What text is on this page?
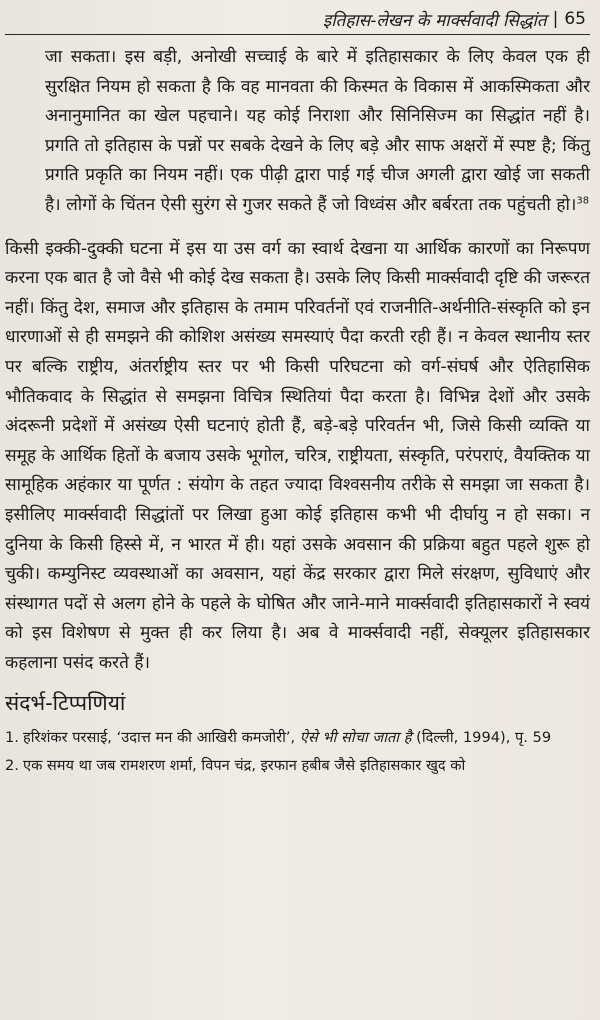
इतिहास-लेखन के मार्क्सवादी सिद्धांत | 65
जा सकता। इस बड़ी, अनोखी सच्चाई के बारे में इतिहासकार के लिए केवल एक ही सुरक्षित नियम हो सकता है कि वह मानवता की किस्मत के विकास में आकस्मिकता और अनानुमानित का खेल पहचाने। यह कोई निराशा और सिनिसिज्म का सिद्धांत नहीं है। प्रगति तो इतिहास के पन्नों पर सबके देखने के लिए बड़े और साफ अक्षरों में स्पष्ट है; किंतु प्रगति प्रकृति का नियम नहीं। एक पीढ़ी द्वारा पाई गई चीज अगली द्वारा खोई जा सकती है। लोगों के चिंतन ऐसी सुरंग से गुजर सकते हैं जो विध्वंस और बर्बरता तक पहुंचती हो।$^{38}$
किसी इक्की-दुक्की घटना में इस या उस वर्ग का स्वार्थ देखना या आर्थिक कारणों का निरूपण करना एक बात है जो वैसे भी कोई देख सकता है। उसके लिए किसी मार्क्सवादी दृष्टि की जरूरत नहीं। किंतु देश, समाज और इतिहास के तमाम परिवर्तनों एवं राजनीति-अर्थनीति-संस्कृति को इन धारणाओं से ही समझने की कोशिश असंख्य समस्याएं पैदा करती रही हैं। न केवल स्थानीय स्तर पर बल्कि राष्ट्रीय, अंतर्राष्ट्रीय स्तर पर भी किसी परिघटना को वर्ग-संघर्ष और ऐतिहासिक भौतिकवाद के सिद्धांत से समझना विचित्र स्थितियां पैदा करता है। विभिन्न देशों और उसके अंदरूनी प्रदेशों में असंख्य ऐसी घटनाएं होती हैं, बड़े-बड़े परिवर्तन भी, जिसे किसी व्यक्ति या समूह के आर्थिक हितों के बजाय उसके भूगोल, चरित्र, राष्ट्रीयता, संस्कृति, परंपराएं, वैयक्तिक या सामूहिक अहंकार या पूर्णत : संयोग के तहत ज्यादा विश्वसनीय तरीके से समझा जा सकता है। इसीलिए मार्क्सवादी सिद्धांतों पर लिखा हुआ कोई इतिहास कभी भी दीर्घायु न हो सका। न दुनिया के किसी हिस्से में, न भारत में ही। यहां उसके अवसान की प्रक्रिया बहुत पहले शुरू हो चुकी। कम्युनिस्ट व्यवस्थाओं का अवसान, यहां केंद्र सरकार द्वारा मिले संरक्षण, सुविधाएं और संस्थागत पदों से अलग होने के पहले के घोषित और जाने-माने मार्क्सवादी इतिहासकारों ने स्वयं को इस विशेषण से मुक्त ही कर लिया है। अब वे मार्क्सवादी नहीं, सेक्यूलर इतिहासकार कहलाना पसंद करते हैं।
संदर्भ-टिप्पणियां
1. हरिशंकर परसाई, ‘उदात्त मन की आखिरी कमजोरी’, ऐसे भी सोचा जाता है (दिल्ली, 1994), पृ. 59
2. एक समय था जब रामशरण शर्मा, विपन चंद्र, इरफान हबीब जैसे इतिहासकार खुद को
